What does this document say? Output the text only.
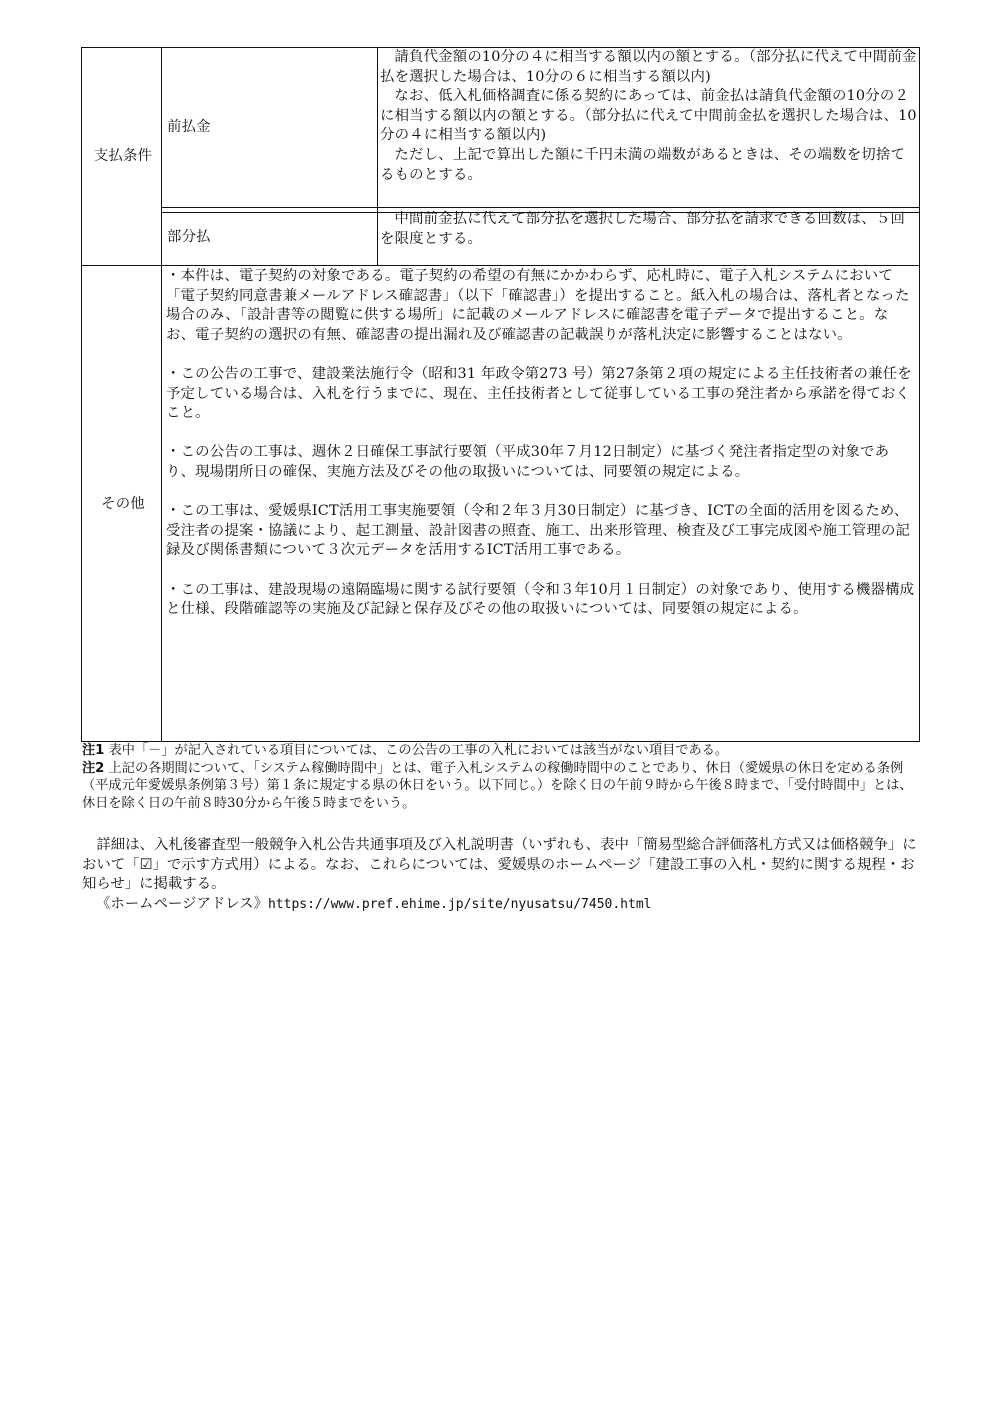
支払条件
前払金

請負代金額の10分の４に相当する額以内の額とする。（部分払に代えて中間前金払を選択した場合は、10分の６に相当する額以内)

なお、低入札価格調査に係る契約にあっては、前金払は請負代金額の10分の２に相当する額以内の額とする。（部分払に代えて中間前金払を選択した場合は、10分の４に相当する額以内)

ただし、上記で算出した額に千円未満の端数があるときは、その端数を切捨てるものとする。

部分払

中間前金払に代えて部分払を選択した場合、部分払を請求できる回数は、５回を限度とする。

その他

・本件は、電子契約の対象である。電子契約の希望の有無にかかわらず、応札時に、電子入札システムにおいて「電子契約同意書兼メールアドレス確認書」（以下「確認書」）を提出すること。紙入札の場合は、落札者となった場合のみ、「設計書等の閲覧に供する場所」に記載のメールアドレスに確認書を電子データで提出すること。なお、電子契約の選択の有無、確認書の提出漏れ及び確認書の記載誤りが落札決定に影響することはない。

・この公告の工事で、建設業法施行令（昭和31 年政令第273 号）第27条第２項の規定による主任技術者の兼任を予定している場合は、入札を行うまでに、現在、主任技術者として従事している工事の発注者から承諾を得ておくこと。

・この公告の工事は、週休２日確保工事試行要領（平成30年７月12日制定）に基づく発注者指定型の対象であり、現場閉所日の確保、実施方法及びその他の取扱いについては、同要領の規定による。

・この工事は、愛媛県ICT活用工事実施要領（令和２年３月30日制定）に基づき、ICTの全面的活用を図るため、受注者の提案・協議により、起工測量、設計図書の照査、施工、出来形管理、検査及び工事完成図や施工管理の記録及び関係書類について３次元データを活用するICT活用工事である。

・この工事は、建設現場の遠隔臨場に関する試行要領（令和３年10月１日制定）の対象であり、使用する機器構成と仕様、段階確認等の実施及び記録と保存及びその他の取扱いについては、同要領の規定による。

注1 表中「－」が記入されている項目については、この公告の工事の入札においては該当がない項目である。
注2 上記の各期間について、「システム稼働時間中」とは、電子入札システムの稼働時間中のことであり、休日（愛媛県の休日を定める条例（平成元年愛媛県条例第３号）第１条に規定する県の休日をいう。以下同じ。）を除く日の午前９時から午後８時まで、「受付時間中」とは、休日を除く日の午前８時30分から午後５時までをいう。

詳細は、入札後審査型一般競争入札公告共通事項及び入札説明書（いずれも、表中「簡易型総合評価落札方式又は価格競争」において「☑」で示す方式用）による。なお、これらについては、愛媛県のホームページ「建設工事の入札・契約に関する規程・お知らせ」に掲載する。

《ホームページアドレス》https://www.pref.ehime.jp/site/nyusatsu/7450.html
